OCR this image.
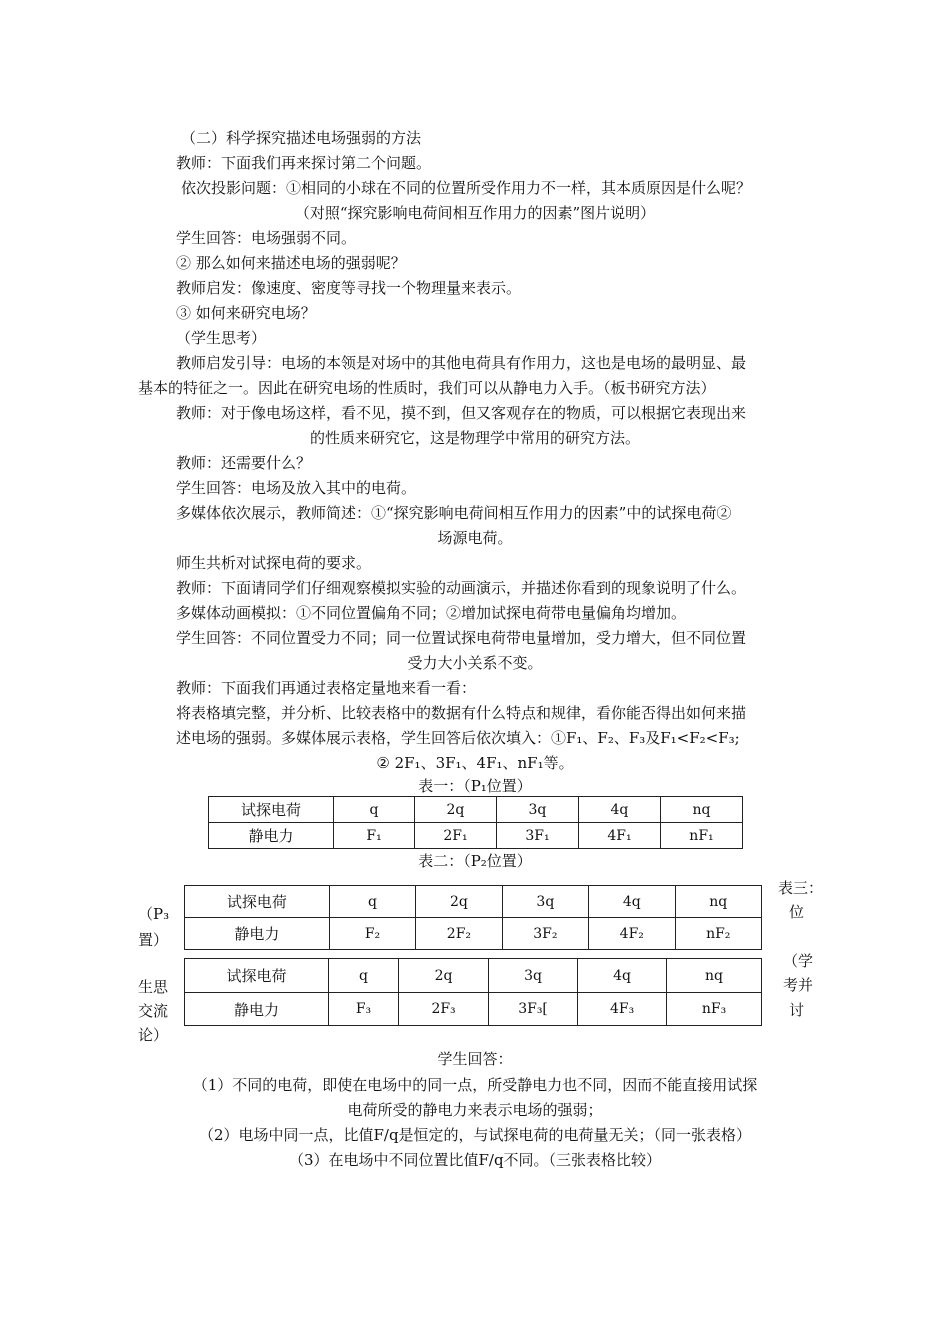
（二）科学探究描述电场强弱的方法
教师：下面我们再来探讨第二个问题。
依次投影问题：①相同的小球在不同的位置所受作用力不一样，其本质原因是什么呢？
（对照“探究影响电荷间相互作用力的因素”图片说明）
学生回答：电场强弱不同。
② 那么如何来描述电场的强弱呢？
教师启发：像速度、密度等寻找一个物理量来表示。
③ 如何来研究电场？
（学生思考）
教师启发引导：电场的本领是对场中的其他电荷具有作用力，这也是电场的最明显、最
基本的特征之一。因此在研究电场的性质时，我们可以从静电力入手。（板书研究方法）
教师：对于像电场这样，看不见，摸不到，但又客观存在的物质，可以根据它表现出来
的性质来研究它，这是物理学中常用的研究方法。
教师：还需要什么？
学生回答：电场及放入其中的电荷。
多媒体依次展示，教师简述：①“探究影响电荷间相互作用力的因素”中的试探电荷②
场源电荷。
师生共析对试探电荷的要求。
教师：下面请同学们仔细观察模拟实验的动画演示，并描述你看到的现象说明了什么。
多媒体动画模拟：①不同位置偏角不同；②增加试探电荷带电量偏角均增加。
学生回答：不同位置受力不同；同一位置试探电荷带电量增加，受力增大，但不同位置
受力大小关系不变。
教师：下面我们再通过表格定量地来看一看：
将表格填完整，并分析、比较表格中的数据有什么特点和规律，看你能否得出如何来描
述电场的强弱。多媒体展示表格，学生回答后依次填入：①F₁、F₂、F₃及F₁<F₂<F₃;
② 2F₁、3F₁、4F₁、nF₁等。
表一：（P₁位置）
试探电荷	q	2q	3q	4q	nq
静电力	F₁	2F₁	3F₁	4F₁	nF₁
表二：（P₂位置）
（P₃
置）
生思
交流
论）
表三：
位
（学
考并
讨
试探电荷	q	2q	3q	4q	nq
静电力	F₂	2F₂	3F₂	4F₂	nF₂
试探电荷	q	2q	3q	4q	nq
静电力	F₃	2F₃	3F₃[	4F₃	nF₃
学生回答：
（1）不同的电荷，即使在电场中的同一点，所受静电力也不同，因而不能直接用试探
电荷所受的静电力来表示电场的强弱；
（2）电场中同一点，比值F/q是恒定的，与试探电荷的电荷量无关；（同一张表格）
（3）在电场中不同位置比值F/q不同。（三张表格比较）
